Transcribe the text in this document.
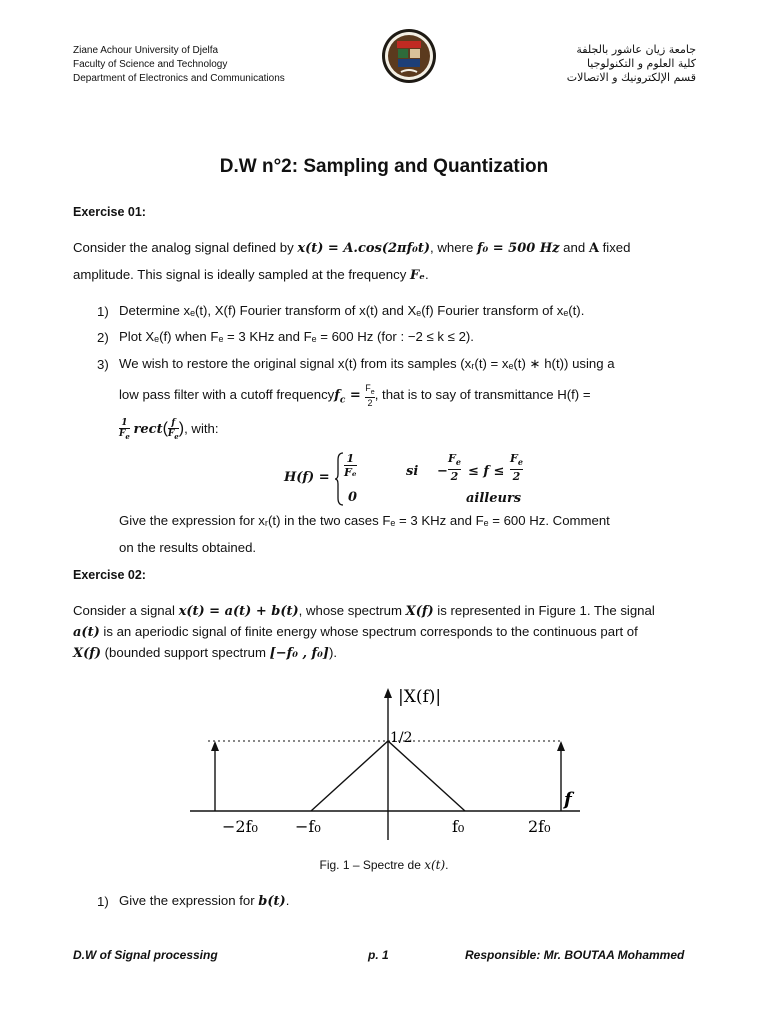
Ziane Achour University of Djelfa
Faculty of Science and Technology
Department of Electronics and Communications
جامعة زيان عاشور بالجلفة
كلية العلوم و التكنولوجيا
قسم الإلكترونيك و الاتصالات
D.W n°2: Sampling and Quantization
Exercise 01:
Consider the analog signal defined by x(t) = A.cos(2πf₀t), where f₀ = 500 Hz and A fixed
amplitude. This signal is ideally sampled at the frequency Fₑ.
1) Determine xₑ(t), X(f) Fourier transform of x(t) and Xₑ(f) Fourier transform of xₑ(t).
2) Plot Xₑ(f) when Fₑ = 3 KHz and Fₑ = 600 Hz (for : −2 ≤ k ≤ 2).
3) We wish to restore the original signal x(t) from its samples (xᵣ(t) = xₑ(t) ∗ h(t)) using a
low pass filter with a cutoff frequencyf$_c$ = $\frac{F_e}{2}$ , that is to say of transmittance H(f) =
$\frac{1}{F_e}$ rect( $\frac{f}{F_e}$ ), with:
$H(f) = \frac{1}{\text{Fₑ}}$
0
si − $\frac{F_e}{2} \le f \le \frac{F_e}{2}$
ailleurs
Give the expression for xᵣ(t) in the two cases Fₑ = 3 KHz and Fₑ = 600 Hz. Comment
on the results obtained.
Exercise 02:
Consider a signal x(t) = a(t) + b(t), whose spectrum X(f) is represented in Figure 1. The signal
a(t) is an aperiodic signal of finite energy whose spectrum corresponds to the continuous part of
X(f) (bounded support spectrum [−f₀ , f₀]).
|X(f)|
1/2
f
−2f₀ −f₀	f₀	2f₀
Fig. 1 – Spectre de x(t).
1) Give the expression for b(t).
D.W of Signal processing	p. 1	Responsible: Mr. BOUTAA Mohammed
